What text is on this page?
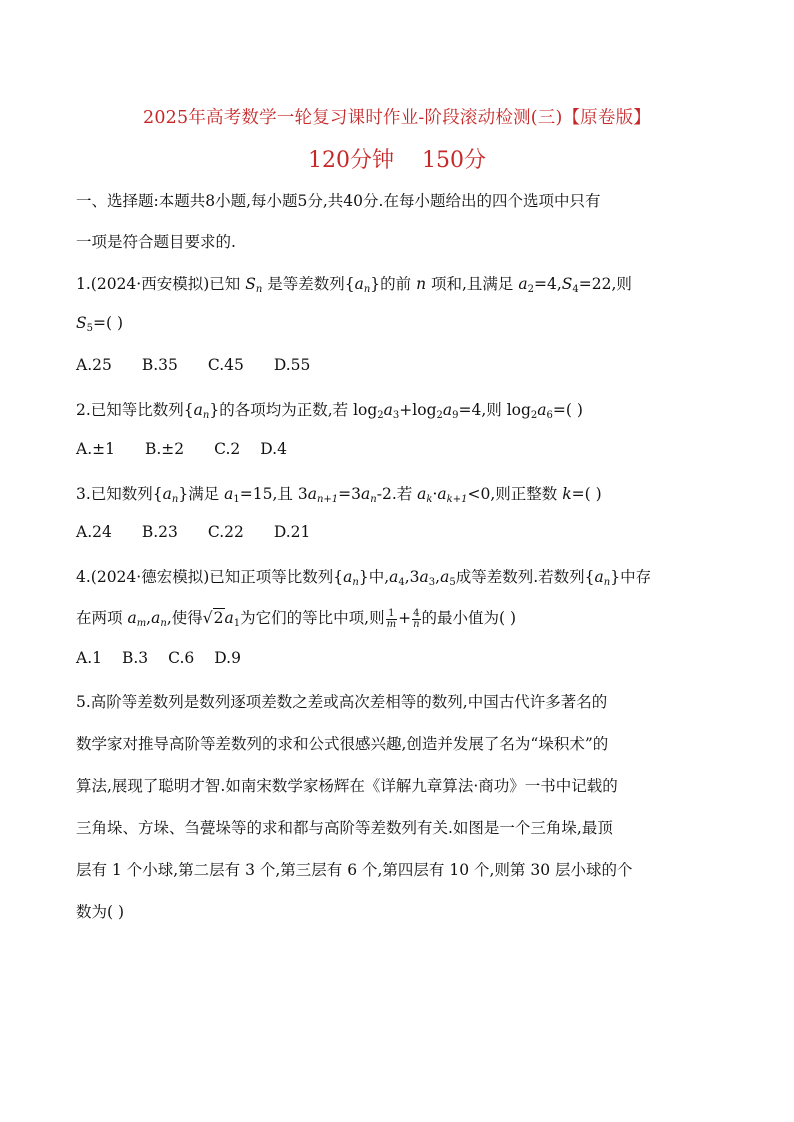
2025年高考数学一轮复习课时作业-阶段滚动检测(三)【原卷版】
120分钟 150分
一、选择题:本题共8小题,每小题5分,共40分.在每小题给出的四个选项中只有
一项是符合题目要求的.
1.(2024·西安模拟)已知 $S_n$ 是等差数列$\{a_n\}$的前 n 项和,且满足 $a_2=4,S_4=22$,则
$S_5=$( )
A.25 B.35 C.45 D.55
2.已知等比数列$\{a_n\}$的各项均为正数,若 $\log_2a_3+\log_2a_9=4$,则 $\log_2a_6=$( )
A.±1 B.±2 C.2 D.4
3.已知数列$\{a_n\}$满足 $a_1=15$,且 $3a_{n+1}=3a_n-2$.若 $a_k\cdot a_{k+1}<0$,则正整数 k=( )
A.24 B.23 C.22 D.21
4.(2024·德宏模拟)已知正项等比数列$\{a_n\}$中$,a_4,3a_3,a_5$成等差数列.若数列$\{a_n\}$中存
在两项 $a_m,a_n$,使得$√2a_1$为它们的等比中项,则 $\frac{1}{m} + \frac{4}{n}$ 的最小值为( )
A.1 B.3 C.6 D.9
5.高阶等差数列是数列逐项差数之差或高次差相等的数列,中国古代许多著名的
数学家对推导高阶等差数列的求和公式很感兴趣,创造并发展了名为“垛积术”的
算法,展现了聪明才智.如南宋数学家杨辉在《详解九章算法·商功》一书中记载的
三角垛、方垛、刍甍垛等的求和都与高阶等差数列有关.如图是一个三角垛,最顶
层有 1 个小球,第二层有 3 个,第三层有 6 个,第四层有 10 个,则第 30 层小球的个
数为( )
